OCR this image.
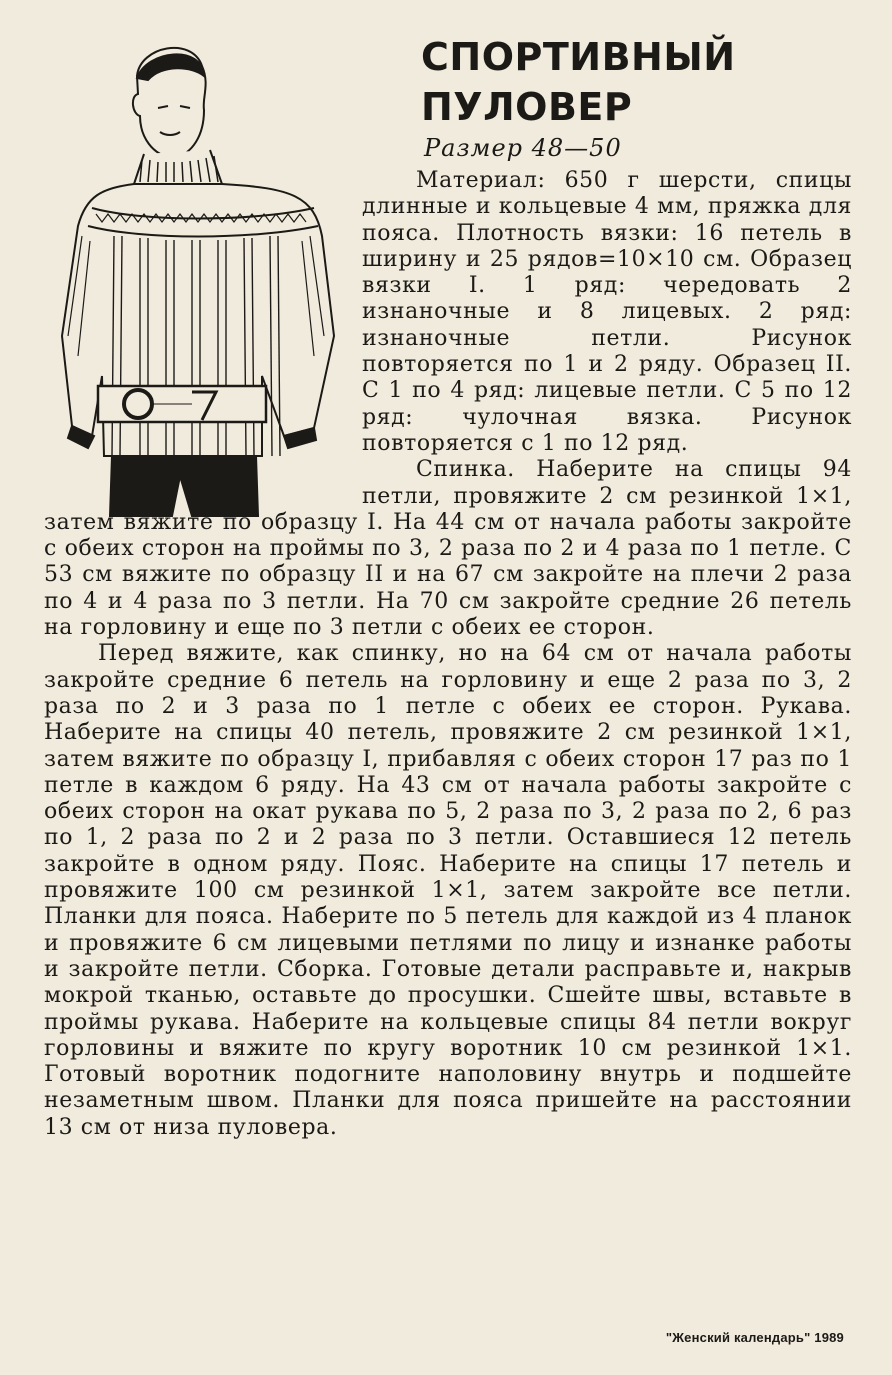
СПОРТИВНЫЙ
ПУЛОВЕР
Размер 48—50

Материал: 650 г шерсти, спицы длинные и кольцевые 4 мм, пряжка для пояса. Плотность вязки: 16 петель в ширину и 25 рядов=10×10 см. Образец вязки I. 1 ряд: чередовать 2 изнаночные и 8 лицевых. 2 ряд: изнаночные петли. Рисунок повторяется по 1 и 2 ряду. Образец II. С 1 по 4 ряд: лицевые петли. С 5 по 12 ряд: чулочная вязка. Рисунок повторяется с 1 по 12 ряд.

Спинка. Наберите на спицы 94 петли, провяжите 2 см резинкой 1×1, затем вяжите по образцу I. На 44 см от начала работы закройте с обеих сторон на проймы по 3, 2 раза по 2 и 4 раза по 1 петле. С 53 см вяжите по образцу II и на 67 см закройте на плечи 2 раза по 4 и 4 раза по 3 петли. На 70 см закройте средние 26 петель на горловину и еще по 3 петли с обеих ее сторон.

Перед вяжите, как спинку, но на 64 см от начала работы закройте средние 6 петель на горловину и еще 2 раза по 3, 2 раза по 2 и 3 раза по 1 петле с обеих ее сторон. Рукава. Наберите на спицы 40 петель, провяжите 2 см резинкой 1×1, затем вяжите по образцу I, прибавляя с обеих сторон 17 раз по 1 петле в каждом 6 ряду. На 43 см от начала работы закройте с обеих сторон на окат рукава по 5, 2 раза по 3, 2 раза по 2, 6 раз по 1, 2 раза по 2 и 2 раза по 3 петли. Оставшиеся 12 петель закройте в одном ряду. Пояс. Наберите на спицы 17 петель и провяжите 100 см резинкой 1×1, затем закройте все петли. Планки для пояса. Наберите по 5 петель для каждой из 4 планок и провяжите 6 см лицевыми петлями по лицу и изнанке работы и закройте петли. Сборка. Готовые детали расправьте и, накрыв мокрой тканью, оставьте до просушки. Сшейте швы, вставьте в проймы рукава. Наберите на кольцевые спицы 84 петли вокруг горловины и вяжите по кругу воротник 10 см резинкой 1×1. Готовый воротник подогните наполовину внутрь и подшейте незаметным швом. Планки для пояса пришейте на расстоянии 13 см от низа пуловера.

"Женский календарь" 1989
